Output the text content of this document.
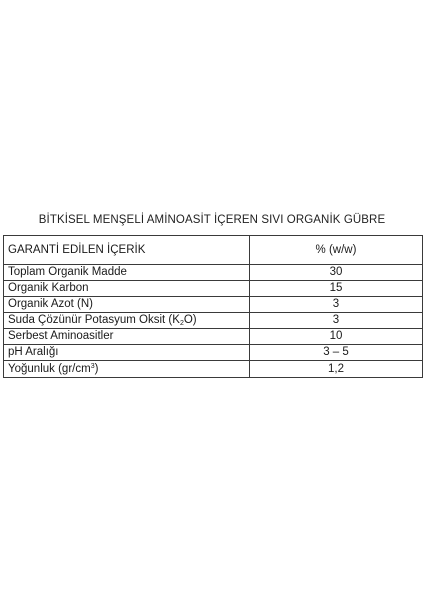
BİTKİSEL MENŞELİ AMİNOASİT İÇEREN SIVI ORGANİK GÜBRE
GARANTİ EDİLEN İÇERİK	% (w/w)
Toplam Organik Madde	30
Organik Karbon	15
Organik Azot (N)	3
Suda Çözünür Potasyum Oksit $(K_2O)$	3
Serbest Aminoasitler	10
pH Aralığı	3 – 5
Yoğunluk $(gr/cm^3)$	1,2
